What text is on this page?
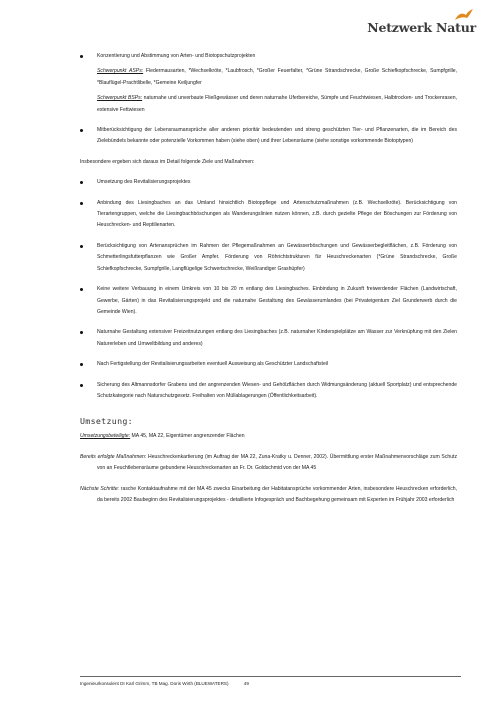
Netzwerk Natur
Konzentierung und Abstimmung von Arten- und Biotopschutzprojekten
Schwerpunkt ASPs: Fledermausarten, *Wechselkröte, *Laubfrosch, *Großer Feuerfalter, *Grüne Strandschrecke, Große Schiefkopfschrecke, Sumpfgrille, *Blauflügel-Prachtlibelle, *Gemeine Keiljungfer
Schwerpunkt BSPs: naturnahe und unverbaute Fließgewässer und deren naturnahe Uferbereiche, Sümpfe und Feuchtwiesen, Halbtrocken- und Trockenrasen, extensive Fettwiesen
Mitberücksichtigung der Lebensraumansprüche aller anderen prioritär bedeutenden und streng geschützten Tier- und Pflanzenarten, die im Bereich des Zielebündels bekannte oder potenzielle Vorkommen haben (siehe oben) und ihrer Lebensräume (siehe sonstige vorkommende Biotoptypen)
Insbesondere ergeben sich daraus im Detail folgende Ziele und Maßnahmen:
Umsetzung des Revitalisierungsprojektes
Anbindung des Liesingbaches an das Umland hinsichtlich Biotoppflege und Artenschutzmaßnahmen (z.B. Wechselkröte). Berücksichtigung von Tierartengruppen, welche die Liesingbachböschungen als Wanderungslinien nutzen können, z.B. durch gezielte Pflege der Böschungen zur Förderung von Heuschrecken- und Reptilienarten.
Berücksichtigung von Artenansprüchen im Rahmen der Pflegemaßnahmen an Gewässerböschungen und Gewässerbegleitflächen, z.B. Förderung von Schmetterlingsfutterpflanzen wie Großer Ampfer. Förderung von Röhrichtstrukturen für Heuschreckenarten (*Grüne Strandschrecke, Große Schiefkopfschrecke, Sumpfgrille, Langflügelige Schwertschrecke, Weißrandiger Grashüpfer)
Keine weitere Verbauung in einem Umkreis von 10 bis 20 m entlang des Liesingbaches. Einbindung in Zukunft freiwerdender Flächen (Landwirtschaft, Gewerbe, Gärten) in das Revitalisierungsprojekt und die naturnahe Gestaltung des Gewässerumlandes (bei Privateigentum Ziel Grunderwerb durch die Gemeinde Wien).
Naturnahe Gestaltung extensiver Freizeitnutzungen entlang des Liesingbaches (z.B. naturnaher Kinderspielplätze am Wasser zur Verknüpfung mit den Zielen Naturerleben und Umweltbildung und anderes)
Nach Fertigstellung der Revitalisierungsarbeiten eventuell Ausweisung als Geschützter Landschaftsteil
Sicherung des Altmannsdorfer Grabens und der angrenzenden Wiesen- und Gehölzflächen durch Widmungsänderung (aktuell Sportplatz) und entsprechende Schutzkategorie nach Naturschutzgesetz. Freihalten von Müllablagerungen (Öffentlichkeitsarbeit).
Umsetzung:
Umsetzungsbeteiligte: MA 45, MA 22, Eigentümer angrenzender Flächen
Bereits erfolgte Maßnahmen: Heuschreckenkartierung (im Auftrag der MA 22, Zuna-Kratky u. Denner, 2002). Übermittlung erster Maßnahmenvorschläge zum Schutz von an Feuchtlebensräume gebundene Heuschreckenarten an Fr. Dr. Goldschmid von der MA 45
Nächste Schritte: rasche Kontaktaufnahme mit der MA 45 zwecks Einarbeitung der Habitatansprüche vorkommender Arten, insbesondere Heuschrecken erforderlich, da bereits 2002 Baubeginn des Revitalisierungsprojektes - detaillierte Infogespräch und Bachbegehung gemeinsam mit Experten im Frühjahr 2003 erforderlich
Ingenieurkonsulent DI Karl Grimm, TB Mag. Doris Wirth (BLUEWATERS)	49
